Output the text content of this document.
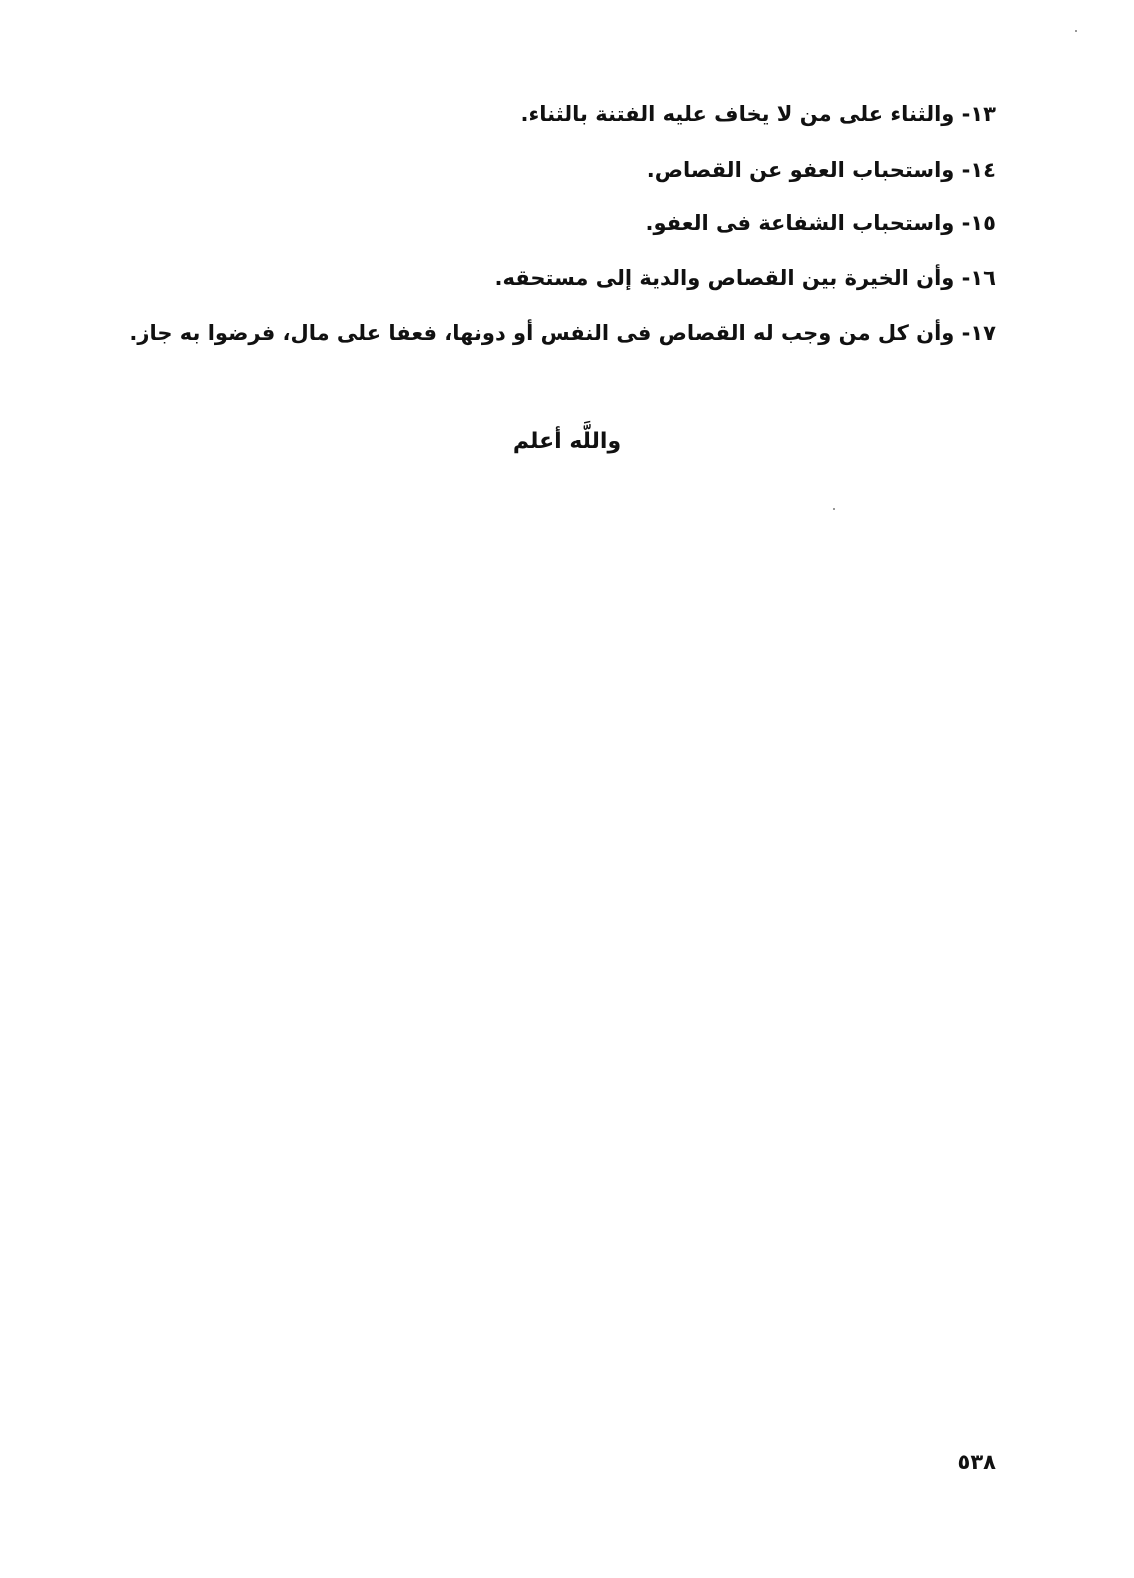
١٣- والثناء على من لا يخاف عليه الفتنة بالثناء.
١٤- واستحباب العفو عن القصاص.
١٥- واستحباب الشفاعة فى العفو.
١٦- وأن الخيرة بين القصاص والدية إلى مستحقه.
١٧- وأن كل من وجب له القصاص فى النفس أو دونها، فعفا على مال، فرضوا به جاز.
واللَّه أعلم
٥٣٨
